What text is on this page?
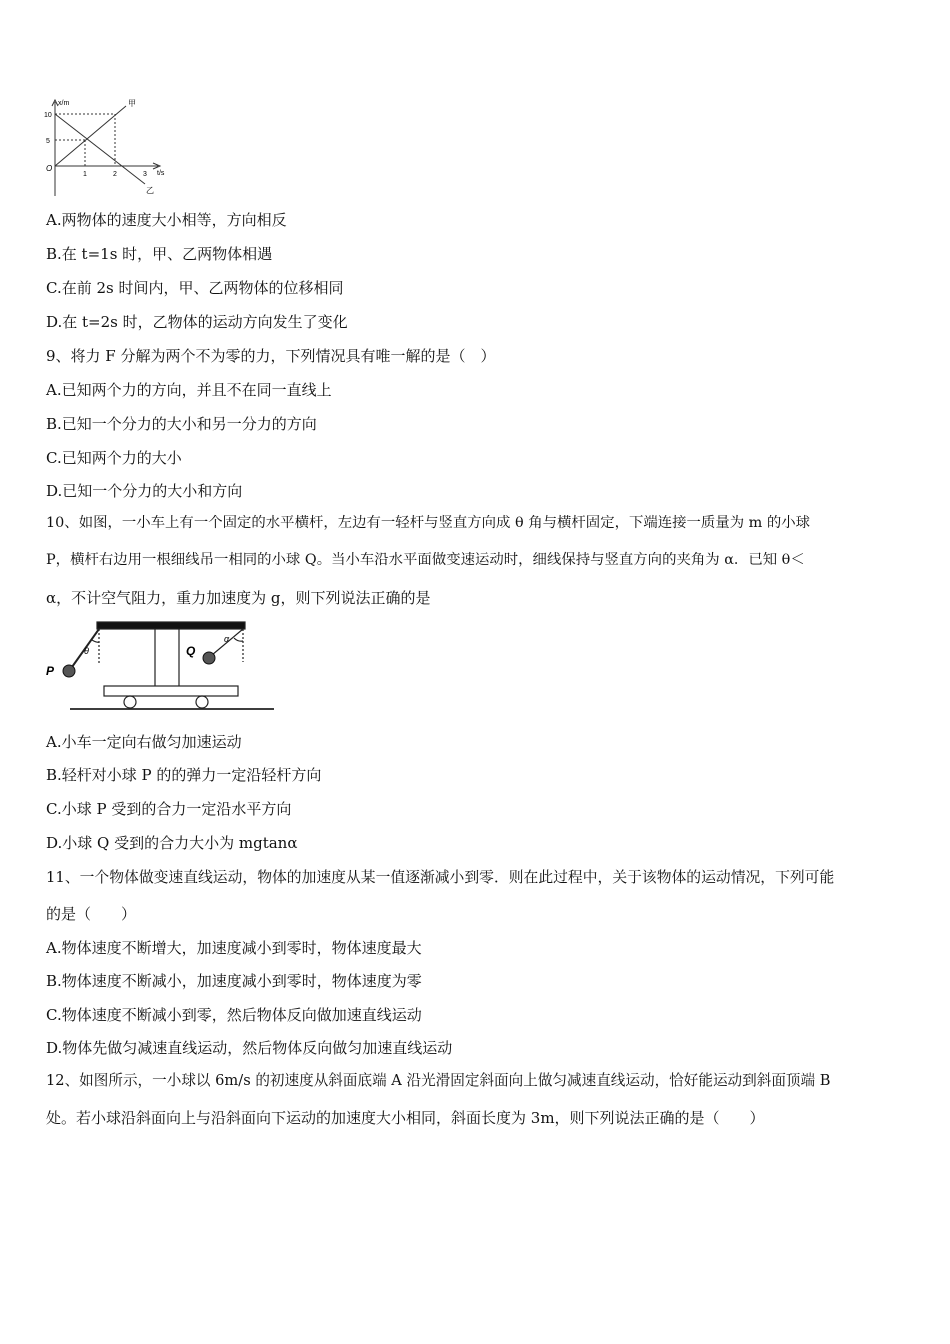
x/m
t/s
10
5
O
1	2	3
甲
乙
A.两物体的速度大小相等，方向相反
B.在 t=1s 时，甲、乙两物体相遇
C.在前 2s 时间内，甲、乙两物体的位移相同
D.在 t=2s 时，乙物体的运动方向发生了变化
9、将力 F 分解为两个不为零的力，下列情况具有唯一解的是（　）
A.已知两个力的方向，并且不在同一直线上
B.已知一个分力的大小和另一分力的方向
C.已知两个力的大小
D.已知一个分力的大小和方向
10、如图，一小车上有一个固定的水平横杆，左边有一轻杆与竖直方向成 θ 角与横杆固定，下端连接一质量为 m 的小球
P，横杆右边用一根细线吊一相同的小球 Q。当小车沿水平面做变速运动时，细线保持与竖直方向的夹角为 α．已知 θ＜
α，不计空气阻力，重力加速度为 g，则下列说法正确的是
P
Q
θ
α
A.小车一定向右做匀加速运动
B.轻杆对小球 P 的的弹力一定沿轻杆方向
C.小球 P 受到的合力一定沿水平方向
D.小球 Q 受到的合力大小为 mgtanα
11、一个物体做变速直线运动，物体的加速度从某一值逐渐减小到零．则在此过程中，关于该物体的运动情况，下列可能
的是（　　）
A.物体速度不断增大，加速度减小到零时，物体速度最大
B.物体速度不断减小，加速度减小到零时，物体速度为零
C.物体速度不断减小到零，然后物体反向做加速直线运动
D.物体先做匀减速直线运动，然后物体反向做匀加速直线运动
12、如图所示，一小球以 6m/s 的初速度从斜面底端 A 沿光滑固定斜面向上做匀减速直线运动，恰好能运动到斜面顶端 B
处。若小球沿斜面向上与沿斜面向下运动的加速度大小相同，斜面长度为 3m，则下列说法正确的是（　　）
